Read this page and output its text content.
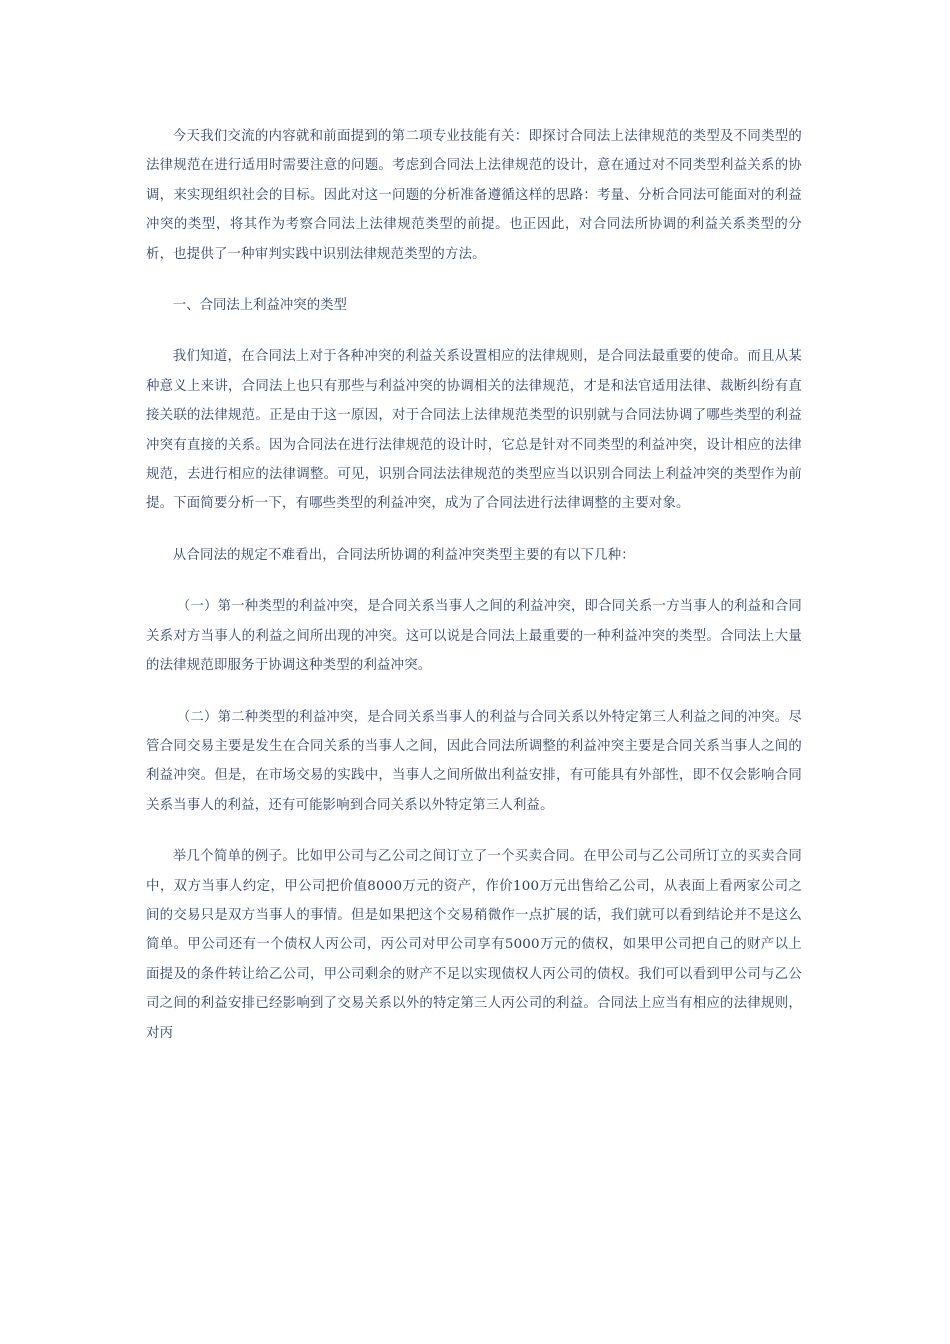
今天我们交流的内容就和前面提到的第二项专业技能有关：即探讨合同法上法律规范的类型及不同类型的法律规范在进行适用时需要注意的问题。考虑到合同法上法律规范的设计，意在通过对不同类型利益关系的协调，来实现组织社会的目标。因此对这一问题的分析准备遵循这样的思路：考量、分析合同法可能面对的利益冲突的类型，将其作为考察合同法上法律规范类型的前提。也正因此，对合同法所协调的利益关系类型的分析，也提供了一种审判实践中识别法律规范类型的方法。

一、合同法上利益冲突的类型

我们知道，在合同法上对于各种冲突的利益关系设置相应的法律规则，是合同法最重要的使命。而且从某种意义上来讲，合同法上也只有那些与利益冲突的协调相关的法律规范，才是和法官适用法律、裁断纠纷有直接关联的法律规范。正是由于这一原因，对于合同法上法律规范类型的识别就与合同法协调了哪些类型的利益冲突有直接的关系。因为合同法在进行法律规范的设计时，它总是针对不同类型的利益冲突，设计相应的法律规范，去进行相应的法律调整。可见，识别合同法法律规范的类型应当以识别合同法上利益冲突的类型作为前提。下面简要分析一下，有哪些类型的利益冲突，成为了合同法进行法律调整的主要对象。

从合同法的规定不难看出，合同法所协调的利益冲突类型主要的有以下几种：

（一）第一种类型的利益冲突，是合同关系当事人之间的利益冲突，即合同关系一方当事人的利益和合同关系对方当事人的利益之间所出现的冲突。这可以说是合同法上最重要的一种利益冲突的类型。合同法上大量的法律规范即服务于协调这种类型的利益冲突。

（二）第二种类型的利益冲突，是合同关系当事人的利益与合同关系以外特定第三人利益之间的冲突。尽管合同交易主要是发生在合同关系的当事人之间，因此合同法所调整的利益冲突主要是合同关系当事人之间的利益冲突。但是，在市场交易的实践中，当事人之间所做出利益安排，有可能具有外部性，即不仅会影响合同关系当事人的利益，还有可能影响到合同关系以外特定第三人利益。

举几个简单的例子。比如甲公司与乙公司之间订立了一个买卖合同。在甲公司与乙公司所订立的买卖合同中，双方当事人约定，甲公司把价值8000万元的资产，作价100万元出售给乙公司，从表面上看两家公司之间的交易只是双方当事人的事情。但是如果把这个交易稍微作一点扩展的话，我们就可以看到结论并不是这么简单。甲公司还有一个债权人丙公司，丙公司对甲公司享有5000万元的债权，如果甲公司把自己的财产以上面提及的条件转让给乙公司，甲公司剩余的财产不足以实现债权人丙公司的债权。我们可以看到甲公司与乙公司之间的利益安排已经影响到了交易关系以外的特定第三人丙公司的利益。合同法上应当有相应的法律规则，对丙
